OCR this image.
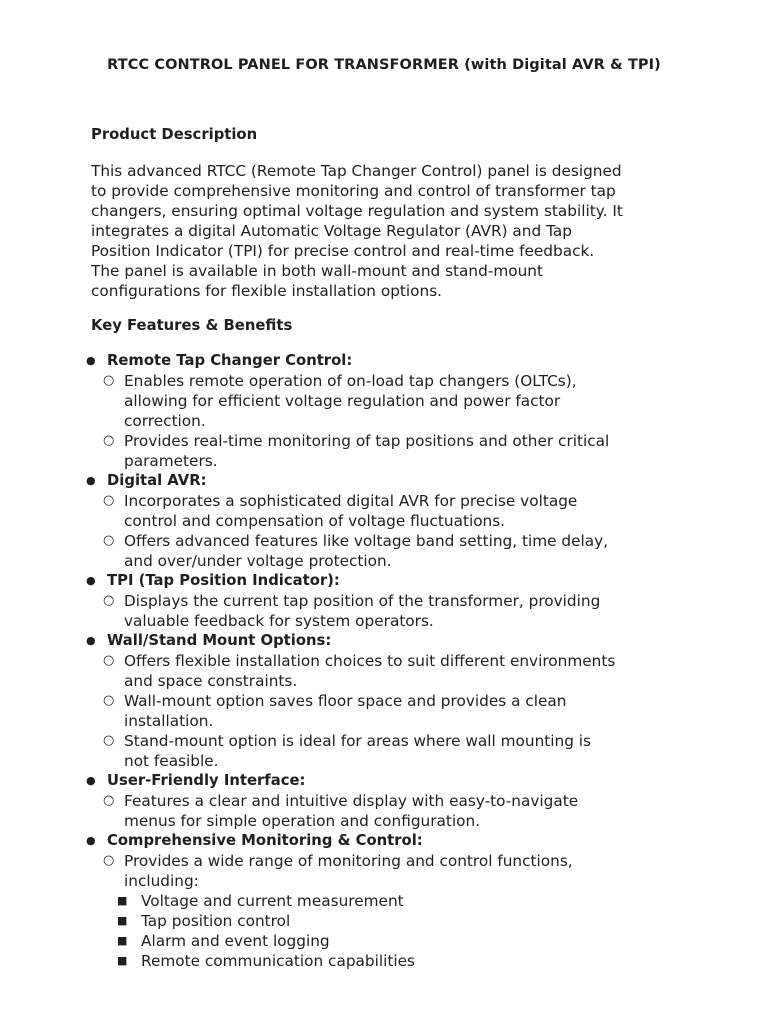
RTCC CONTROL PANEL FOR TRANSFORMER (with Digital AVR & TPI)
Product Description
This advanced RTCC (Remote Tap Changer Control) panel is designed
to provide comprehensive monitoring and control of transformer tap
changers, ensuring optimal voltage regulation and system stability. It
integrates a digital Automatic Voltage Regulator (AVR) and Tap
Position Indicator (TPI) for precise control and real-time feedback.
The panel is available in both wall-mount and stand-mount
configurations for flexible installation options.
Key Features & Benefits
● Remote Tap Changer Control:
○ Enables remote operation of on-load tap changers (OLTCs),
allowing for efficient voltage regulation and power factor
correction.
○ Provides real-time monitoring of tap positions and other critical
parameters.
● Digital AVR:
○ Incorporates a sophisticated digital AVR for precise voltage
control and compensation of voltage fluctuations.
○ Offers advanced features like voltage band setting, time delay,
and over/under voltage protection.
● TPI (Tap Position Indicator):
○ Displays the current tap position of the transformer, providing
valuable feedback for system operators.
● Wall/Stand Mount Options:
○ Offers flexible installation choices to suit different environments
and space constraints.
○ Wall-mount option saves floor space and provides a clean
installation.
○ Stand-mount option is ideal for areas where wall mounting is
not feasible.
● User-Friendly Interface:
○ Features a clear and intuitive display with easy-to-navigate
menus for simple operation and configuration.
● Comprehensive Monitoring & Control:
○ Provides a wide range of monitoring and control functions,
including:
■ Voltage and current measurement
■ Tap position control
■ Alarm and event logging
■ Remote communication capabilities
